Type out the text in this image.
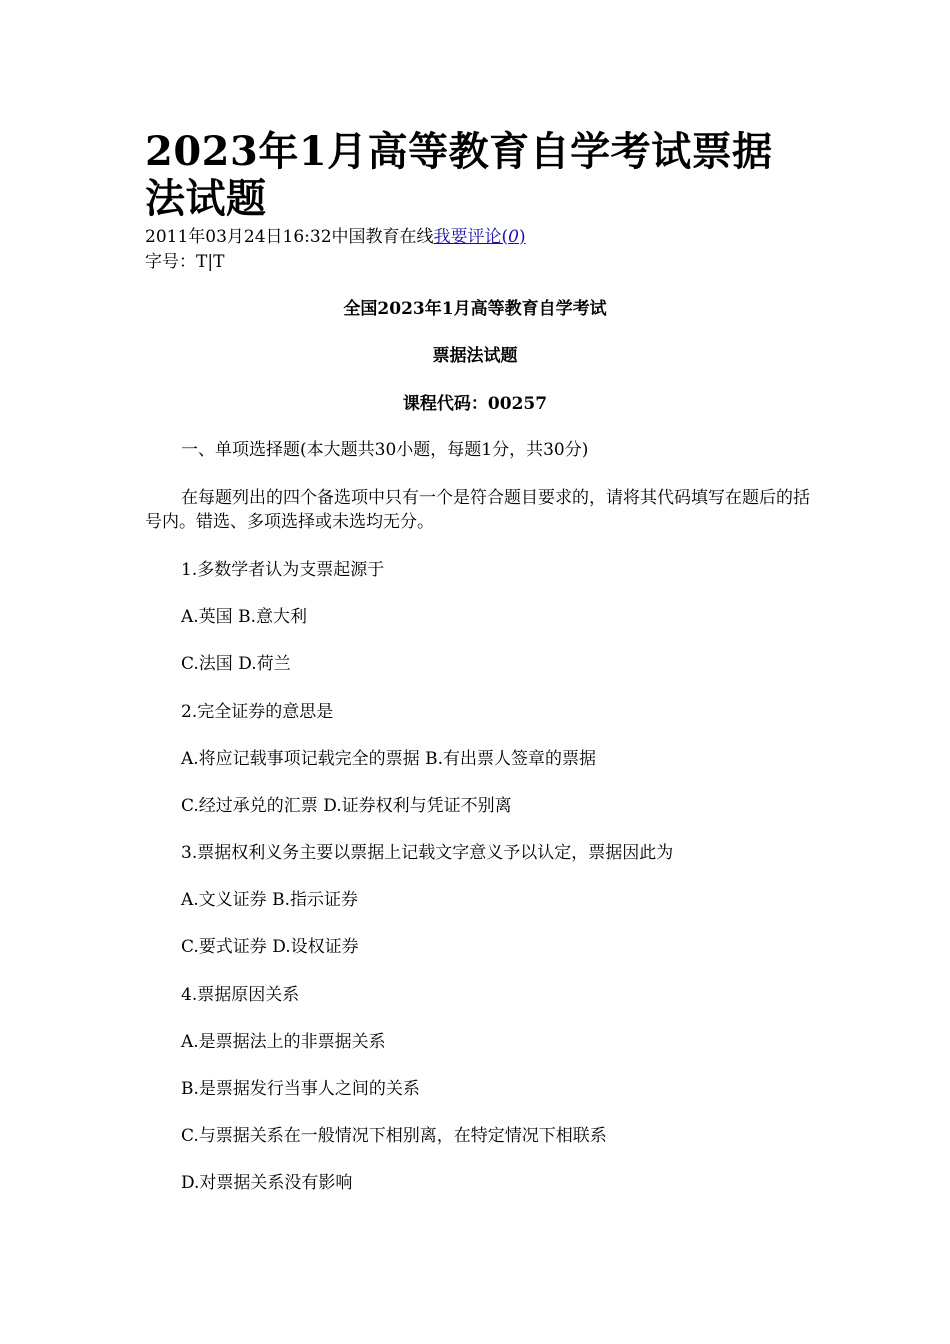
2023年1月高等教育自学考试票据法试题
2011年03月24日16:32中国教育在线我要评论(0)
字号：T|T
全国2023年1月高等教育自学考试
票据法试题
课程代码：00257
一、单项选择题(本大题共30小题，每题1分，共30分)
在每题列出的四个备选项中只有一个是符合题目要求的，请将其代码填写在题后的括号内。错选、多项选择或未选均无分。
1.多数学者认为支票起源于
A.英国 B.意大利
C.法国 D.荷兰
2.完全证券的意思是
A.将应记载事项记载完全的票据 B.有出票人签章的票据
C.经过承兑的汇票 D.证券权利与凭证不别离
3.票据权利义务主要以票据上记载文字意义予以认定，票据因此为
A.文义证券 B.指示证券
C.要式证券 D.设权证券
4.票据原因关系
A.是票据法上的非票据关系
B.是票据发行当事人之间的关系
C.与票据关系在一般情况下相别离，在特定情况下相联系
D.对票据关系没有影响
